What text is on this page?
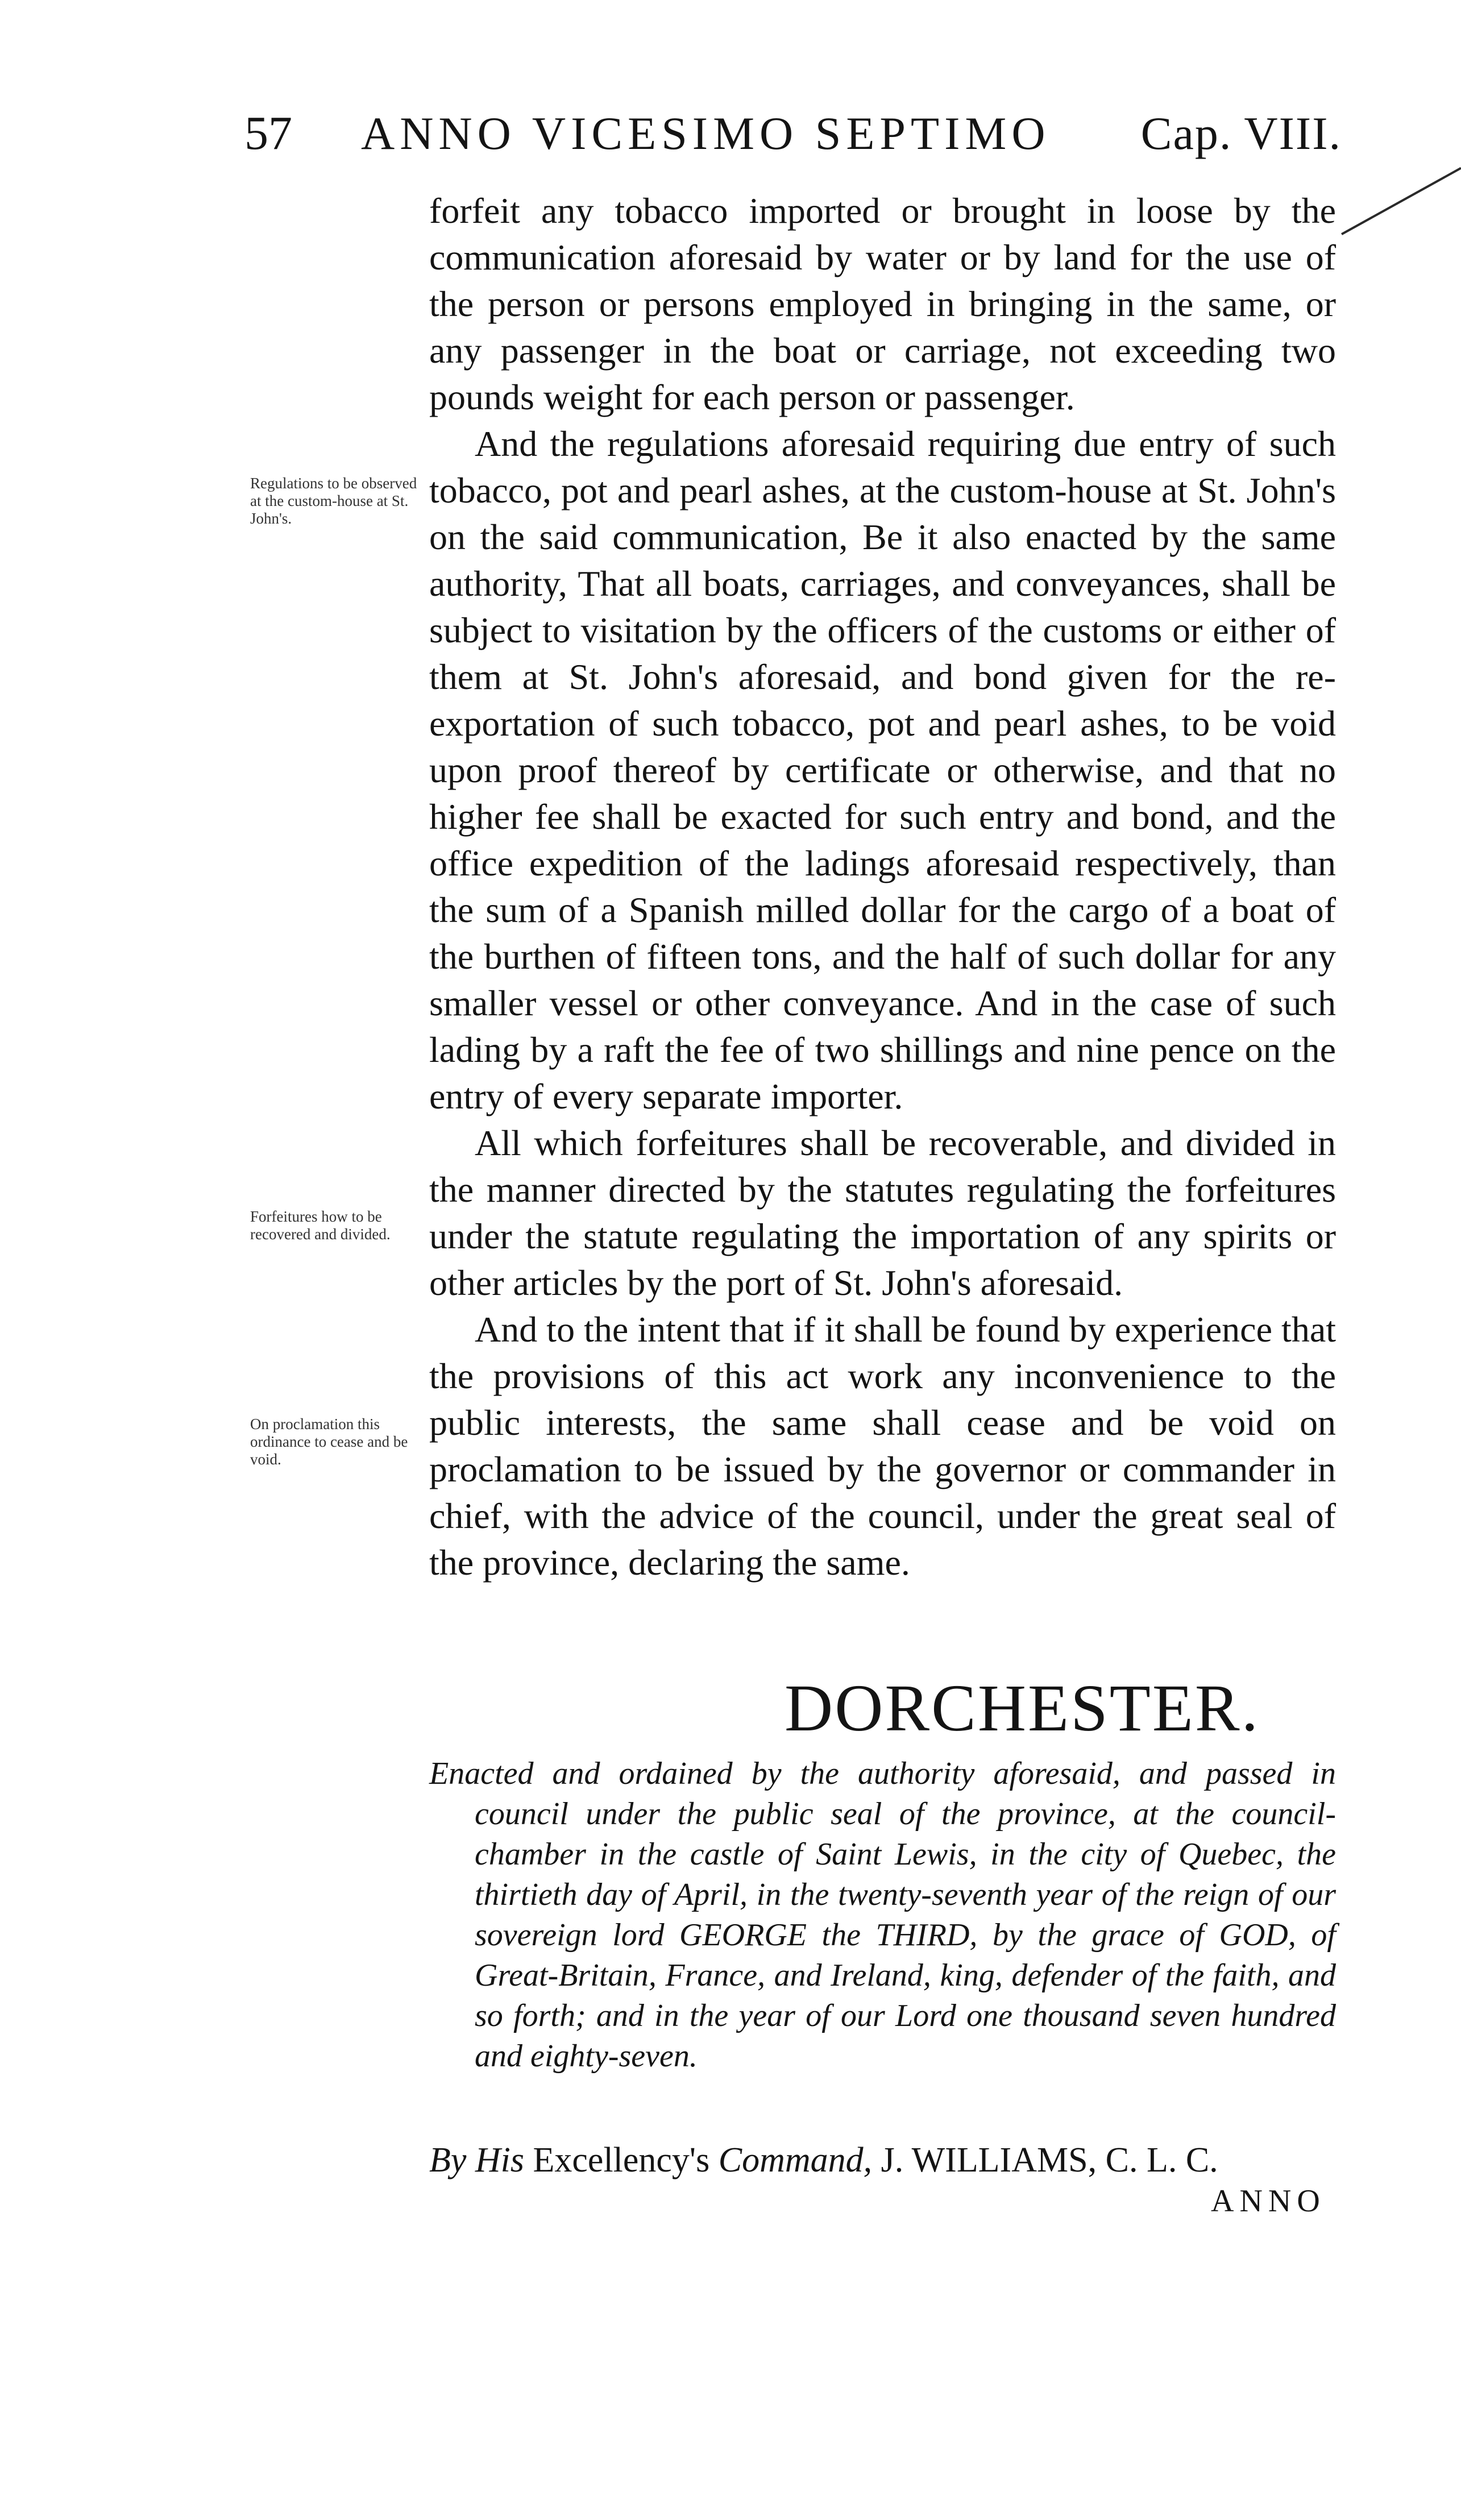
57 ANNO VICESIMO SEPTIMO Cap. VIII.
Regulations to be observed at the custom-house at St. John's.
Forfeitures how to be recovered and divided.
On proclamation this ordinance to cease and be void.

forfeit any tobacco imported or brought in loose by the communication aforesaid by water or by land for the use of the person or persons employed in bringing in the same, or any passenger in the boat or carriage, not exceeding two pounds weight for each person or passenger.

And the regulations aforesaid requiring due entry of such tobacco, pot and pearl ashes, at the custom-house at St. John's on the said communication, Be it also enacted by the same authority, That all boats, carriages, and conveyances, shall be subject to visitation by the officers of the customs or either of them at St. John's aforesaid, and bond given for the re-exportation of such tobacco, pot and pearl ashes, to be void upon proof thereof by certificate or otherwise, and that no higher fee shall be exacted for such entry and bond, and the office expedition of the ladings aforesaid respectively, than the sum of a Spanish milled dollar for the cargo of a boat of the burthen of fifteen tons, and the half of such dollar for any smaller vessel or other conveyance. And in the case of such lading by a raft the fee of two shillings and nine pence on the entry of every separate importer.

All which forfeitures shall be recoverable, and divided in the manner directed by the statutes regulating the forfeitures under the statute regulating the importation of any spirits or other articles by the port of St. John's aforesaid.

And to the intent that if it shall be found by experience that the provisions of this act work any inconvenience to the public interests, the same shall cease and be void on proclamation to be issued by the governor or commander in chief, with the advice of the council, under the great seal of the province, declaring the same.

DORCHESTER.

Enacted and ordained by the authority aforesaid, and passed in council under the public seal of the province, at the council-chamber in the castle of Saint Lewis, in the city of Quebec, the thirtieth day of April, in the twenty-seventh year of the reign of our sovereign lord GEORGE the THIRD, by the grace of GOD, of Great-Britain, France, and Ireland, king, defender of the faith, and so forth; and in the year of our Lord one thousand seven hundred and eighty-seven.

By His Excellency's Command, J. WILLIAMS, C. L. C.
ANNO
